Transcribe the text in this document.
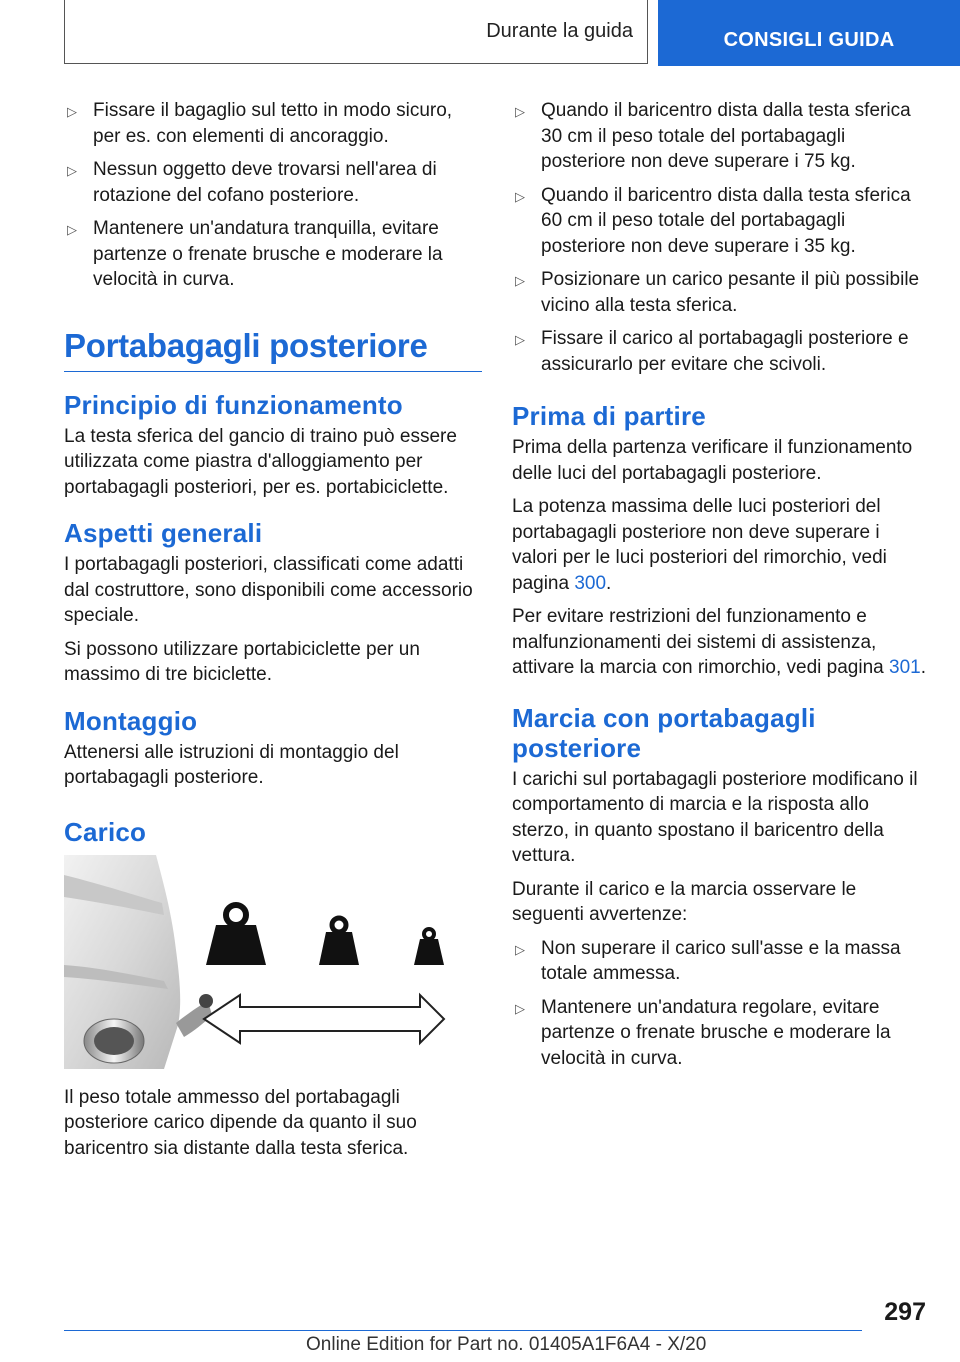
Durante la guida	CONSIGLI GUIDA
▷ Fissare il bagaglio sul tetto in modo sicuro, per es. con elementi di ancoraggio.
▷ Nessun oggetto deve trovarsi nell'area di rotazione del cofano posteriore.
▷ Mantenere un'andatura tranquilla, evitare partenze o frenate brusche e moderare la velocità in curva.
Portabagagli posteriore
Principio di funzionamento

La testa sferica del gancio di traino può essere utilizzata come piastra d'alloggiamento per portabagagli posteriori, per es. portabiciclette.

Aspetti generali

I portabagagli posteriori, classificati come adatti dal costruttore, sono disponibili come accessorio speciale.

Si possono utilizzare portabiciclette per un massimo di tre biciclette.

Montaggio

Attenersi alle istruzioni di montaggio del portabagagli posteriore.

Carico

Il peso totale ammesso del portabagagli posteriore carico dipende da quanto il suo baricentro sia distante dalla testa sferica.

▷ Quando il baricentro dista dalla testa sferica 30 cm il peso totale del portabagagli posteriore non deve superare i 75 kg.
▷ Quando il baricentro dista dalla testa sferica 60 cm il peso totale del portabagagli posteriore non deve superare i 35 kg.
▷ Posizionare un carico pesante il più possibile vicino alla testa sferica.
▷ Fissare il carico al portabagagli posteriore e assicurarlo per evitare che scivoli.
Prima di partire

Prima della partenza verificare il funzionamento delle luci del portabagagli posteriore.

La potenza massima delle luci posteriori del portabagagli posteriore non deve superare i valori per le luci posteriori del rimorchio, vedi pagina 300.

Per evitare restrizioni del funzionamento e malfunzionamenti dei sistemi di assistenza, attivare la marcia con rimorchio, vedi pagina 301.

Marcia con portabagagli posteriore

I carichi sul portabagagli posteriore modificano il comportamento di marcia e la risposta allo sterzo, in quanto spostano il baricentro della vettura.

Durante il carico e la marcia osservare le seguenti avvertenze:

▷ Non superare il carico sull'asse e la massa totale ammessa.
▷ Mantenere un'andatura regolare, evitare partenze o frenate brusche e moderare la velocità in curva.
297
Online Edition for Part no. 01405A1F6A4 - X/20
